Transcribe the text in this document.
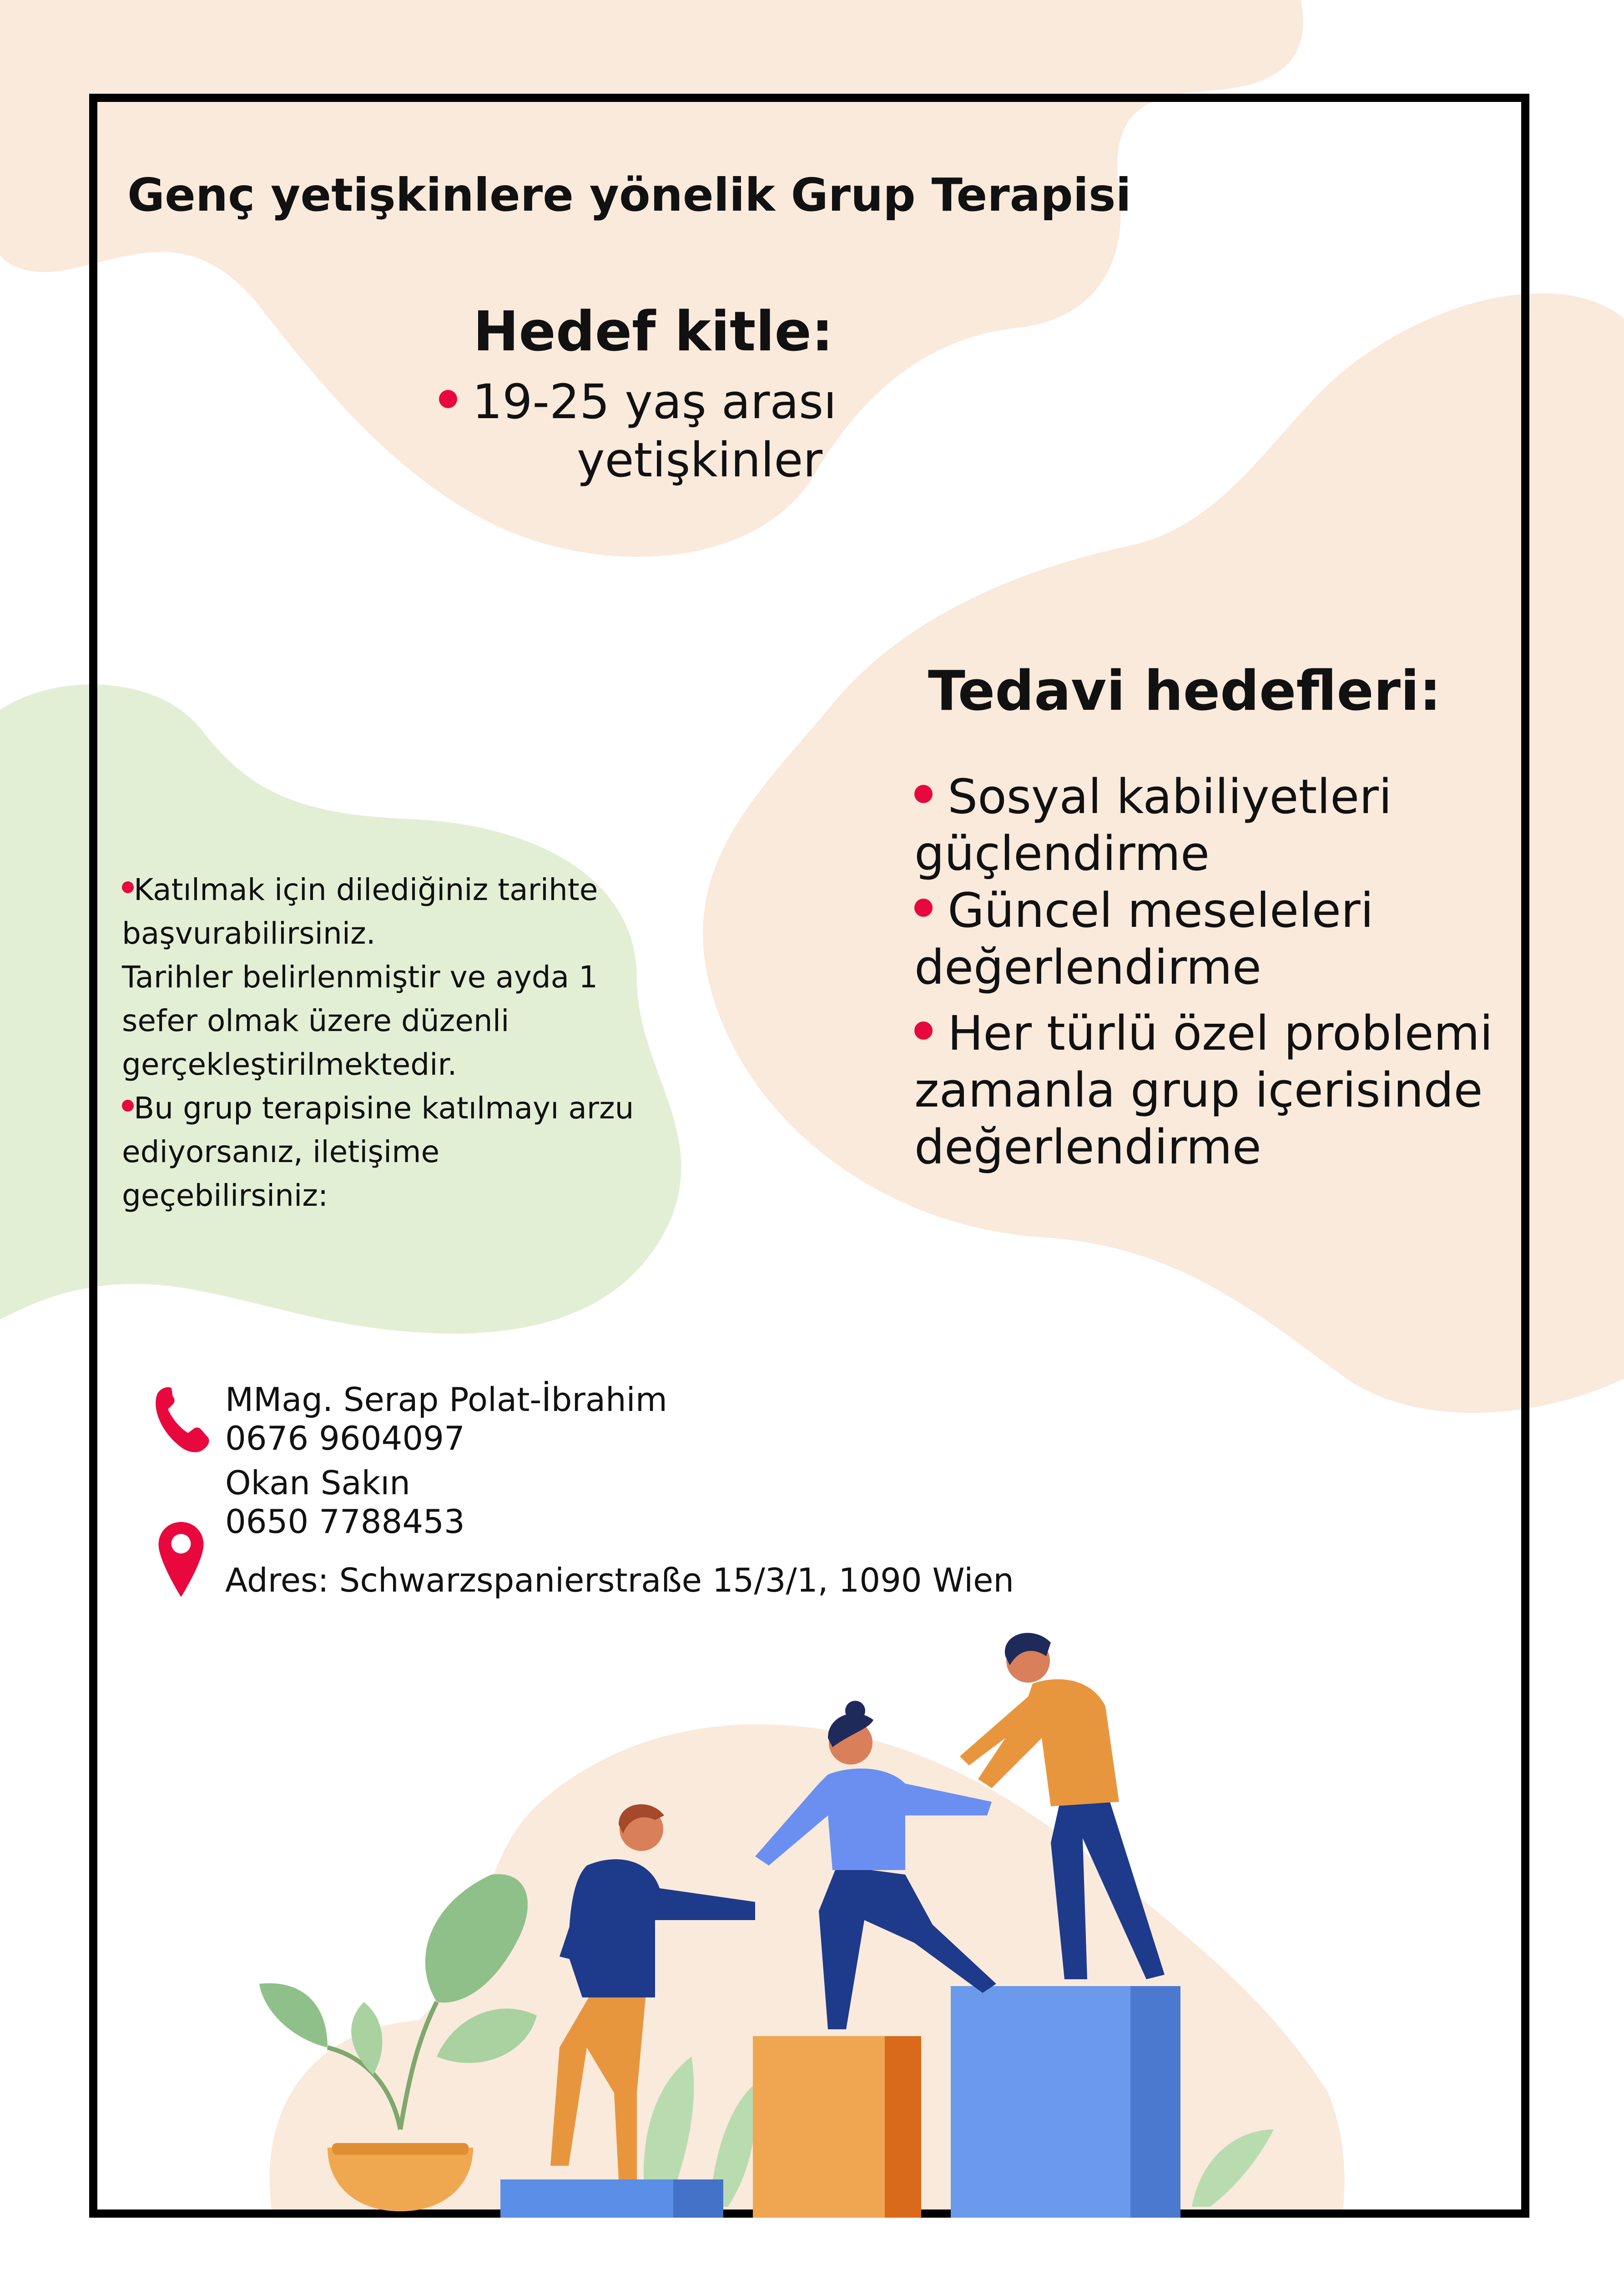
Genç yetişkinlere yönelik Grup Terapisi
Hedef kitle:
19-25 yaş arası
yetişkinler
Tedavi hedefleri:
Sosyal kabiliyetleri
güçlendirme
Güncel meseleleri
değerlendirme
Her türlü özel problemi
zamanla grup içerisinde
değerlendirme

Katılmak için dilediğiniz tarihte

başvurabilirsiniz.

Tarihler belirlenmiştir ve ayda 1

sefer olmak üzere düzenli

gerçekleştirilmektedir.

Bu grup terapisine katılmayı arzu

ediyorsanız, iletişime

geçebilirsiniz:

MMag. Serap Polat-İbrahim
0676 9604097
Okan Sakın
0650 7788453
Adres: Schwarzspanierstraße 15/3/1, 1090 Wien
